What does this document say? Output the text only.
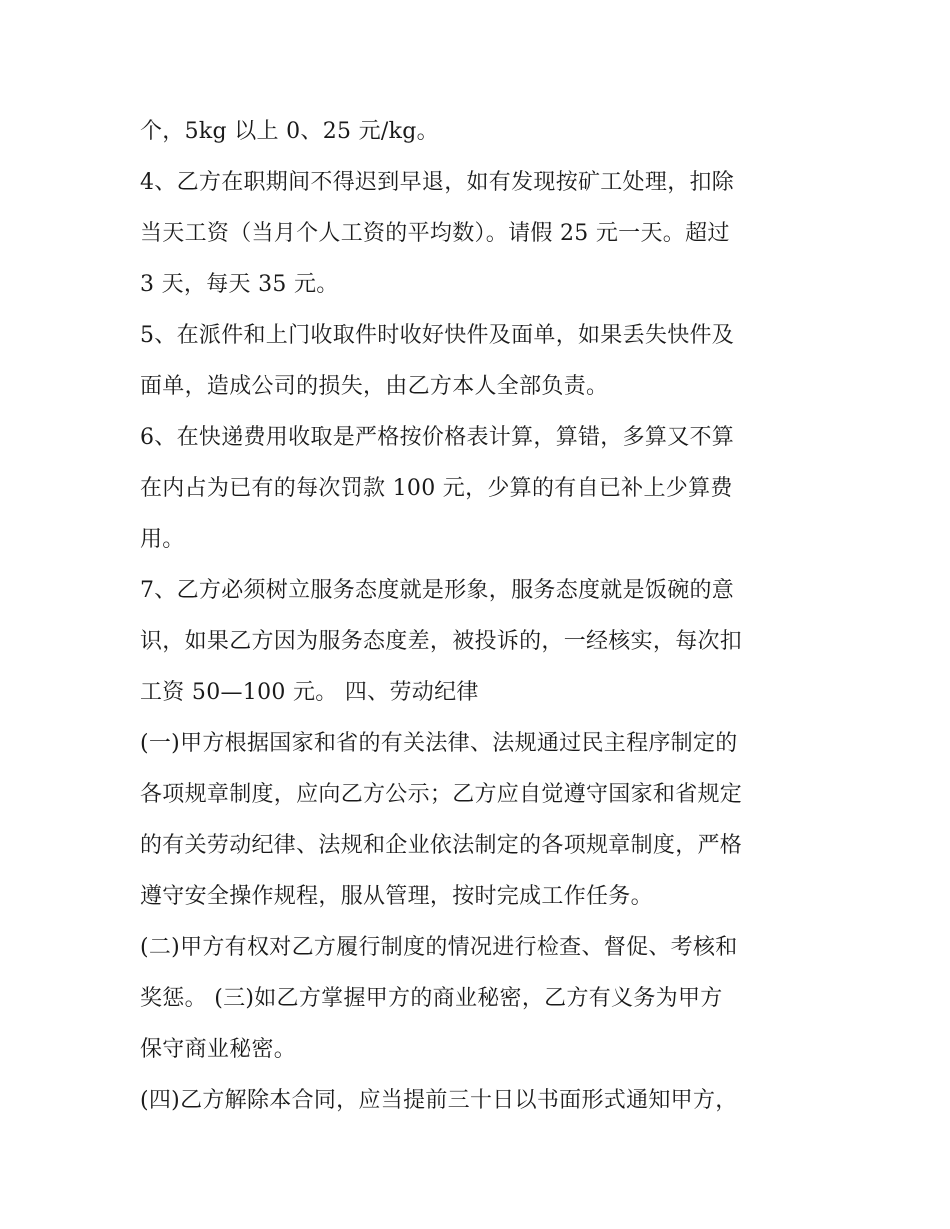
个，5kg 以上 0、25 元/kg。
4、乙方在职期间不得迟到早退，如有发现按矿工处理，扣除
当天工资（当月个人工资的平均数）。请假 25 元一天。超过
3 天，每天 35 元。
5、在派件和上门收取件时收好快件及面单，如果丢失快件及
面单，造成公司的损失，由乙方本人全部负责。
6、在快递费用收取是严格按价格表计算，算错，多算又不算
在内占为已有的每次罚款 100 元，少算的有自已补上少算费
用。
7、乙方必须树立服务态度就是形象，服务态度就是饭碗的意
识，如果乙方因为服务态度差，被投诉的，一经核实，每次扣
工资 50—100 元。 四、劳动纪律
(一)甲方根据国家和省的有关法律、法规通过民主程序制定的
各项规章制度，应向乙方公示；乙方应自觉遵守国家和省规定
的有关劳动纪律、法规和企业依法制定的各项规章制度，严格
遵守安全操作规程，服从管理，按时完成工作任务。
(二)甲方有权对乙方履行制度的情况进行检查、督促、考核和
奖惩。 (三)如乙方掌握甲方的商业秘密，乙方有义务为甲方
保守商业秘密。
(四)乙方解除本合同，应当提前三十日以书面形式通知甲方，
